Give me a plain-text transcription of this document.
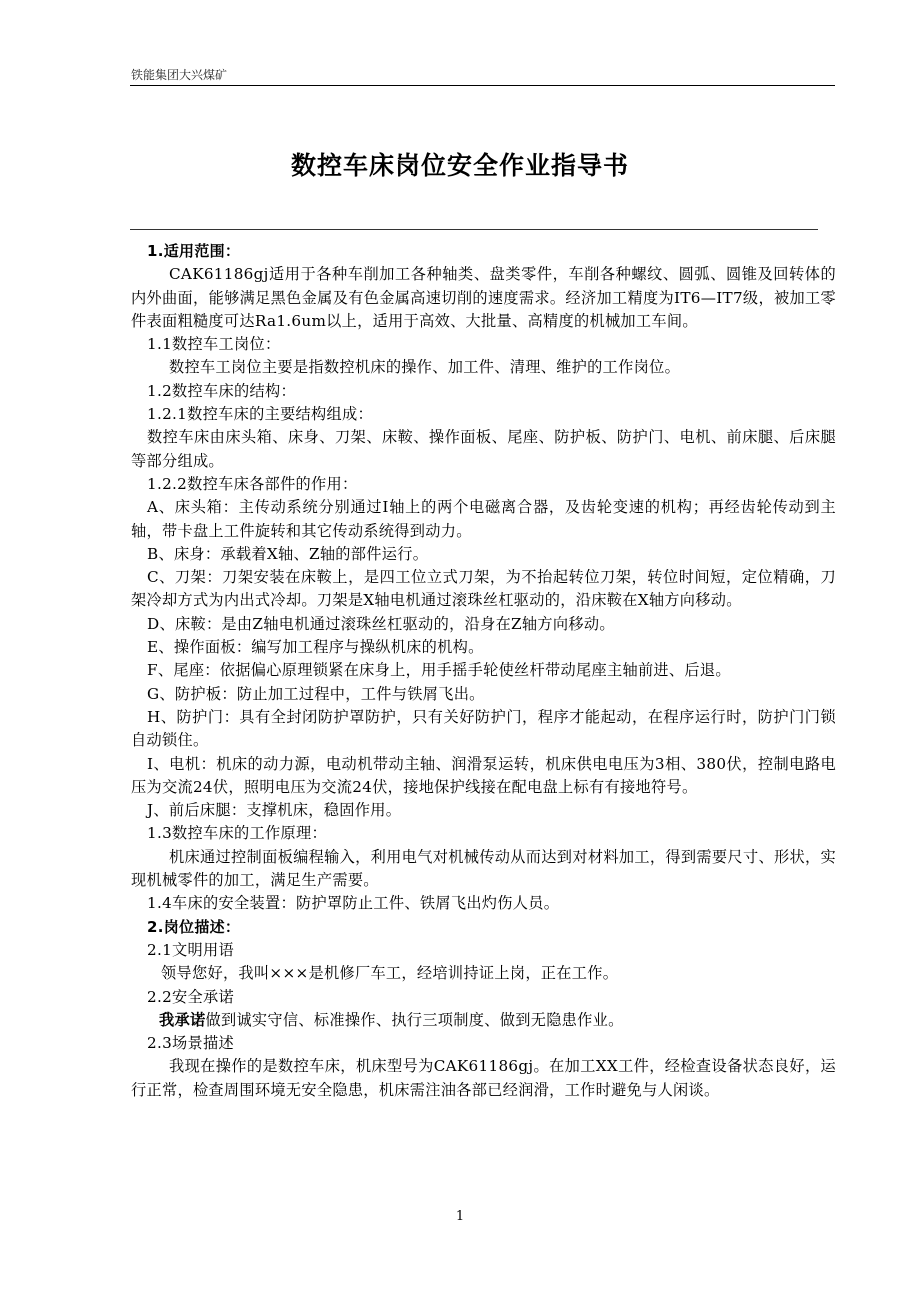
铁能集团大兴煤矿
数控车床岗位安全作业指导书

1.适用范围：

CAK61186gj适用于各种车削加工各种轴类、盘类零件，车削各种螺纹、圆弧、圆锥及回转体的内外曲面，能够满足黑色金属及有色金属高速切削的速度需求。经济加工精度为IT6—IT7级，被加工零件表面粗糙度可达Ra1.6um以上，适用于高效、大批量、高精度的机械加工车间。

1.1数控车工岗位：

数控车工岗位主要是指数控机床的操作、加工件、清理、维护的工作岗位。

1.2数控车床的结构：

1.2.1数控车床的主要结构组成：

数控车床由床头箱、床身、刀架、床鞍、操作面板、尾座、防护板、防护门、电机、前床腿、后床腿等部分组成。

1.2.2数控车床各部件的作用：

A、床头箱：主传动系统分别通过Ⅰ轴上的两个电磁离合器，及齿轮变速的机构；再经齿轮传动到主轴，带卡盘上工件旋转和其它传动系统得到动力。

B、床身：承载着X轴、Z轴的部件运行。

C、刀架：刀架安装在床鞍上，是四工位立式刀架，为不抬起转位刀架，转位时间短，定位精确，刀架冷却方式为内出式冷却。刀架是X轴电机通过滚珠丝杠驱动的，沿床鞍在X轴方向移动。

D、床鞍：是由Z轴电机通过滚珠丝杠驱动的，沿身在Z轴方向移动。

E、操作面板：编写加工程序与操纵机床的机构。

F、尾座：依据偏心原理锁紧在床身上，用手摇手轮使丝杆带动尾座主轴前进、后退。

G、防护板：防止加工过程中，工件与铁屑飞出。

H、防护门：具有全封闭防护罩防护，只有关好防护门，程序才能起动，在程序运行时，防护门门锁自动锁住。

I、电机：机床的动力源，电动机带动主轴、润滑泵运转，机床供电电压为3相、380伏，控制电路电压为交流24伏，照明电压为交流24伏，接地保护线接在配电盘上标有有接地符号。

J、前后床腿：支撑机床，稳固作用。

1.3数控车床的工作原理：

机床通过控制面板编程输入，利用电气对机械传动从而达到对材料加工，得到需要尺寸、形状，实现机械零件的加工，满足生产需要。

1.4车床的安全装置：防护罩防止工件、铁屑飞出灼伤人员。

2.岗位描述：

2.1文明用语

领导您好，我叫×××是机修厂车工，经培训持证上岗，正在工作。

2.2安全承诺

我承诺做到诚实守信、标准操作、执行三项制度、做到无隐患作业。

2.3场景描述

我现在操作的是数控车床，机床型号为CAK61186gj。在加工XX工件，经检查设备状态良好，运行正常，检查周围环境无安全隐患，机床需注油各部已经润滑，工作时避免与人闲谈。

1
